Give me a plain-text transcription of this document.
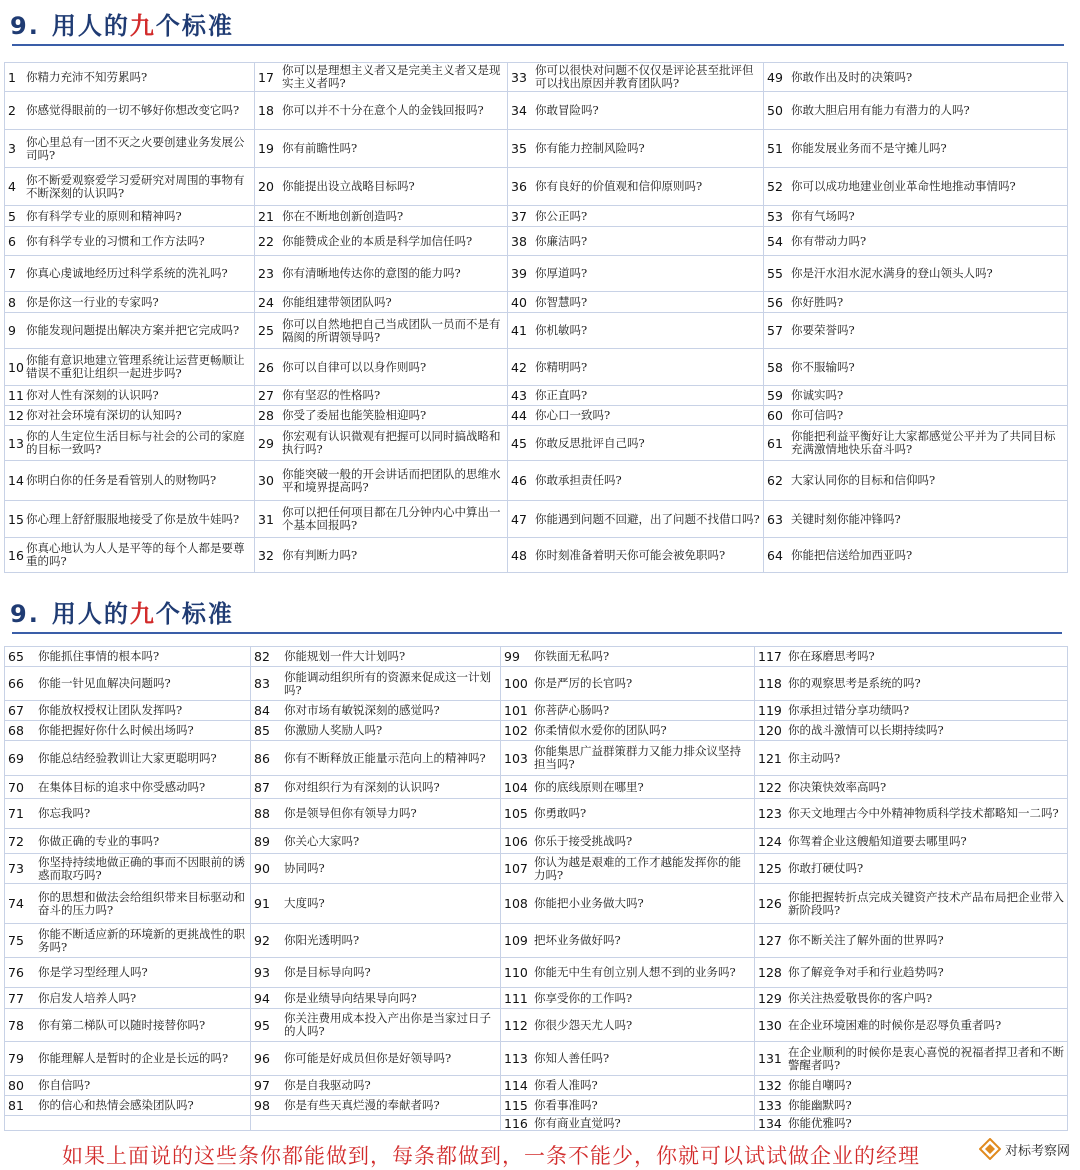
9. 用人的九个标准
1 你精力充沛不知劳累吗?	17 你可以是理想主义者又是完美主义者又是现实主义者吗?	33 你可以很快对问题不仅仅是评论甚至批评但可以找出原因并教育团队吗?	49 你敢作出及时的决策吗?
2 你感觉得眼前的一切不够好你想改变它吗? 18 你可以并不十分在意个人的金钱回报吗? 34 你敢冒险吗?	50 你敢大胆启用有能力有潜力的人吗?
3 你心里总有一团不灭之火要创建业务发展公司吗?	19 你有前瞻性吗?	35 你有能力控制风险吗?	51 你能发展业务而不是守摊儿吗?
4 你不断爱观察爱学习爱研究对周围的事物有不断深刻的认识吗?	20 你能提出设立战略目标吗?	36 你有良好的价值观和信仰原则吗?	52 你可以成功地建业创业革命性地推动事情吗?
5 你有科学专业的原则和精神吗?	21 你在不断地创新创造吗?	37 你公正吗?	53 你有气场吗?
6 你有科学专业的习惯和工作方法吗?	22 你能赞成企业的本质是科学加信任吗?	38 你廉洁吗?	54 你有带动力吗?
7 你真心虔诚地经历过科学系统的洗礼吗? 23 你有清晰地传达你的意图的能力吗?	39 你厚道吗?	55 你是汗水泪水泥水满身的登山领头人吗?
8 你是你这一行业的专家吗?	24 你能组建带领团队吗?	40 你智慧吗?	56 你好胜吗?
9 你能发现问题提出解决方案并把它完成吗? 25 你可以自然地把自己当成团队一员而不是有隔阂的所谓领导吗?	41 你机敏吗?	57 你要荣誉吗?
10 你能有意识地建立管理系统让运营更畅顺让错误不重犯让组织一起进步吗?	26 你可以自律可以以身作则吗?	42 你精明吗?	58 你不服输吗?
11 你对人性有深刻的认识吗?	27 你有坚忍的性格吗?	43 你正直吗?	59 你诚实吗?
12 你对社会环境有深切的认知吗?	28 你受了委屈也能笑脸相迎吗?	44 你心口一致吗?	60 你可信吗?
13 你的人生定位生活目标与社会的公司的家庭的目标一致吗?	29 你宏观有认识微观有把握可以同时搞战略和执行吗?	45 你敢反思批评自己吗?	61 你能把利益平衡好让大家都感觉公平并为了共同目标充满激情地快乐奋斗吗?
14 你明白你的任务是看管别人的财物吗?	30 你能突破一般的开会讲话而把团队的思维水平和境界提高吗?	46 你敢承担责任吗?	62 大家认同你的目标和信仰吗?
15 你心理上舒舒服服地接受了你是放牛娃吗? 31 你可以把任何项目都在几分钟内心中算出一个基本回报吗?	47 你能遇到问题不回避，出了问题不找借口吗? 63 关键时刻你能冲锋吗?
16 你真心地认为人人是平等的每个人都是要尊重的吗?	32 你有判断力吗?	48 你时刻准备着明天你可能会被免职吗?	64 你能把信送给加西亚吗?
9. 用人的九个标准
65	你能抓住事情的根本吗?	82	你能规划一件大计划吗?	99	你铁面无私吗?	117 你在琢磨思考吗?
66	你能一针见血解决问题吗?	83	你能调动组织所有的资源来促成这一计划吗?	100 你是严厉的长官吗?	118 你的观察思考是系统的吗?
67	你能放权授权让团队发挥吗?	84	你对市场有敏锐深刻的感觉吗?	101 你菩萨心肠吗?	119 你承担过错分享功绩吗?
68	你能把握好你什么时候出场吗?	85	你激励人奖励人吗?	102 你柔情似水爱你的团队吗?	120 你的战斗激情可以长期持续吗?
69	你能总结经验教训让大家更聪明吗?	86	你有不断释放正能量示范向上的精神吗? 103 你能集思广益群策群力又能力排众议坚持担当吗?	121 你主动吗?
70	在集体目标的追求中你受感动吗?	87	你对组织行为有深刻的认识吗?	104 你的底线原则在哪里?	122 你决策快效率高吗?
71	你忘我吗?	88	你是领导但你有领导力吗?	105 你勇敢吗?	123 你天文地理古今中外精神物质科学技术都略知一二吗?
72	你做正确的专业的事吗?	89	你关心大家吗?	106 你乐于接受挑战吗?	124 你驾着企业这艘船知道要去哪里吗?
73	你坚持持续地做正确的事而不因眼前的诱惑而取巧吗?	90	协同吗?	107 你认为越是艰难的工作才越能发挥你的能力吗?	125 你敢打硬仗吗?
74	你的思想和做法会给组织带来目标驱动和奋斗的压力吗?	91	大度吗?	108 你能把小业务做大吗?	126 你能把握转折点完成关键资产技术产品布局把企业带入新阶段吗?
75	你能不断适应新的环境新的更挑战性的职务吗?	92	你阳光透明吗?	109 把坏业务做好吗?	127 你不断关注了解外面的世界吗?
76	你是学习型经理人吗?	93	你是目标导向吗?	110 你能无中生有创立别人想不到的业务吗? 128 你了解竞争对手和行业趋势吗?
77	你启发人培养人吗?	94	你是业绩导向结果导向吗?	111 你享受你的工作吗?	129 你关注热爱敬畏你的客户吗?
78	你有第二梯队可以随时接替你吗?	95	你关注费用成本投入产出你是当家过日子的人吗?	112 你很少怨天尤人吗?	130 在企业环境困难的时候你是忍辱负重者吗?
79	你能理解人是暂时的企业是长远的吗? 96	你可能是好成员但你是好领导吗?	113 你知人善任吗?	131 在企业顺利的时候你是衷心喜悦的祝福者捍卫者和不断警醒者吗?
80	你自信吗?	97	你是自我驱动吗?	114 你看人准吗?	132 你能自嘲吗?
81	你的信心和热情会感染团队吗?	98	你是有些天真烂漫的奉献者吗?	115 你看事准吗?	133 你能幽默吗?
116 你有商业直觉吗?	134 你能优雅吗?
如果上面说的这些条你都能做到，每条都做到，一条不能少，你就可以试试做企业的经理	对标考察网
